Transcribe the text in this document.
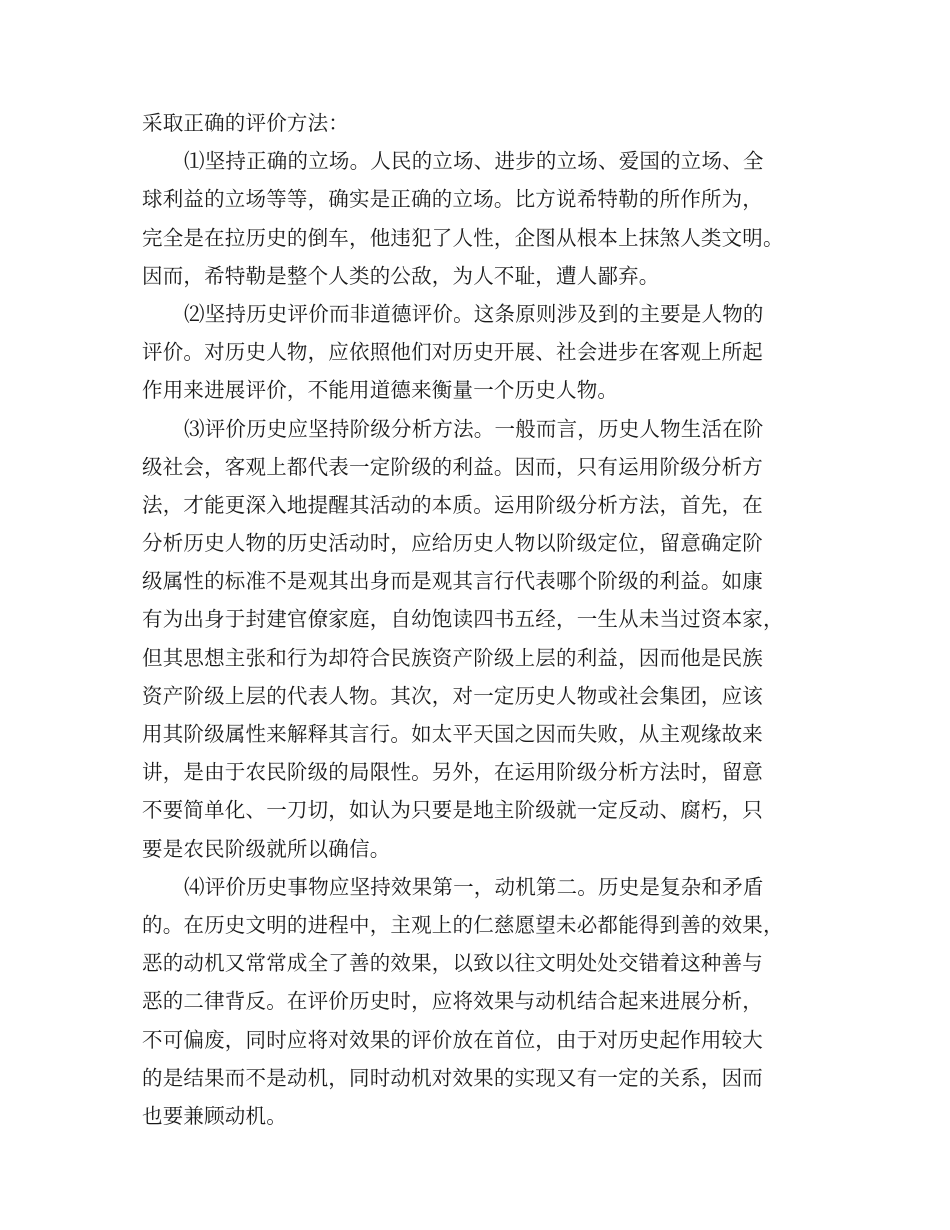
采取正确的评价方法：
⑴坚持正确的立场。人民的立场、进步的立场、爱国的立场、全
球利益的立场等等，确实是正确的立场。比方说希特勒的所作所为，
完全是在拉历史的倒车，他违犯了人性，企图从根本上抹煞人类文明。
因而，希特勒是整个人类的公敌，为人不耻，遭人鄙弃。
⑵坚持历史评价而非道德评价。这条原则涉及到的主要是人物的
评价。对历史人物，应依照他们对历史开展、社会进步在客观上所起
作用来进展评价，不能用道德来衡量一个历史人物。
⑶评价历史应坚持阶级分析方法。一般而言，历史人物生活在阶
级社会，客观上都代表一定阶级的利益。因而，只有运用阶级分析方
法，才能更深入地提醒其活动的本质。运用阶级分析方法，首先，在
分析历史人物的历史活动时，应给历史人物以阶级定位，留意确定阶
级属性的标准不是观其出身而是观其言行代表哪个阶级的利益。如康
有为出身于封建官僚家庭，自幼饱读四书五经，一生从未当过资本家，
但其思想主张和行为却符合民族资产阶级上层的利益，因而他是民族
资产阶级上层的代表人物。其次，对一定历史人物或社会集团，应该
用其阶级属性来解释其言行。如太平天国之因而失败，从主观缘故来
讲，是由于农民阶级的局限性。另外，在运用阶级分析方法时，留意
不要简单化、一刀切，如认为只要是地主阶级就一定反动、腐朽，只
要是农民阶级就所以确信。
⑷评价历史事物应坚持效果第一，动机第二。历史是复杂和矛盾
的。在历史文明的进程中，主观上的仁慈愿望未必都能得到善的效果，
恶的动机又常常成全了善的效果，以致以往文明处处交错着这种善与
恶的二律背反。在评价历史时，应将效果与动机结合起来进展分析，
不可偏废，同时应将对效果的评价放在首位，由于对历史起作用较大
的是结果而不是动机，同时动机对效果的实现又有一定的关系，因而
也要兼顾动机。
